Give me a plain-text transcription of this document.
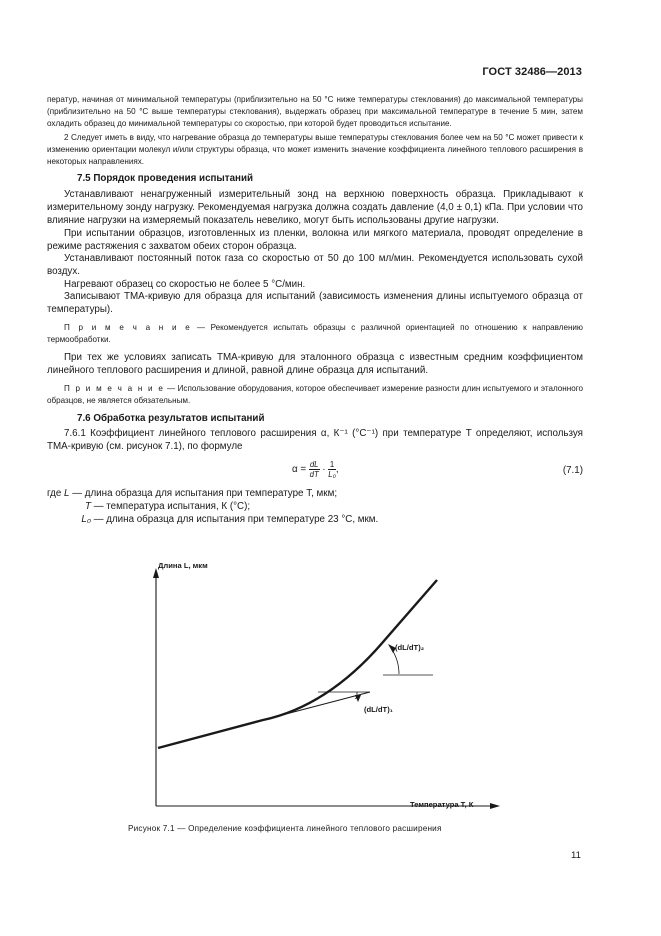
ГОСТ 32486—2013

ператур, начиная от минимальной температуры (приблизительно на 50 °С ниже температуры стеклования) до максимальной температуры (приблизительно на 50 °С выше температуры стеклования), выдержать образец при максимальной температуре в течение 5 мин, затем охладить образец до минимальной температуры со скоростью, при которой будет проводиться испытание.

2 Следует иметь в виду, что нагревание образца до температуры выше температуры стеклования более чем на 50 °С может привести к изменению ориентации молекул и/или структуры образца, что может изменить значение коэффициента линейного теплового расширения в некоторых направлениях.

7.5 Порядок проведения испытаний

Устанавливают ненагруженный измерительный зонд на верхнюю поверхность образца. Прикладывают к измерительному зонду нагрузку. Рекомендуемая нагрузка должна создать давление (4,0 ± 0,1) кПа. При условии что влияние нагрузки на измеряемый показатель невелико, могут быть использованы другие нагрузки.

При испытании образцов, изготовленных из пленки, волокна или мягкого материала, проводят определение в режиме растяжения с захватом обеих сторон образца.

Устанавливают постоянный поток газа со скоростью от 50 до 100 мл/мин. Рекомендуется использовать сухой воздух.

Нагревают образец со скоростью не более 5 °С/мин.

Записывают ТМА-кривую для образца для испытаний (зависимость изменения длины испытуемого образца от температуры).

П р и м е ч а н и е — Рекомендуется испытать образцы с различной ориентацией по отношению к направлению термообработки.

При тех же условиях записать ТМА-кривую для эталонного образца с известным средним коэффициентом линейного теплового расширения и длиной, равной длине образца для испытаний.

П р и м е ч а н и е — Использование оборудования, которое обеспечивает измерение разности длин испытуемого и эталонного образцов, не является обязательным.

7.6 Обработка результатов испытаний

7.6.1 Коэффициент линейного теплового расширения α, К⁻¹ (°С⁻¹) при температуре T определяют, используя ТМА-кривую (см. рисунок 7.1), по формуле

$\alpha = \frac{dL}{dT} \cdot \frac{1}{\text{L₀}}$ ,	(7.1)
где L — длина образца для испытания при температуре T, мкм;
T — температура испытания, К (°С);
L₀ — длина образца для испытания при температуре 23 °С, мкм.
Длина L, мкм
Температура T, К
(dL/dT)₂
(dL/dT)₁
Рисунок 7.1 — Определение коэффициента линейного теплового расширения
11
